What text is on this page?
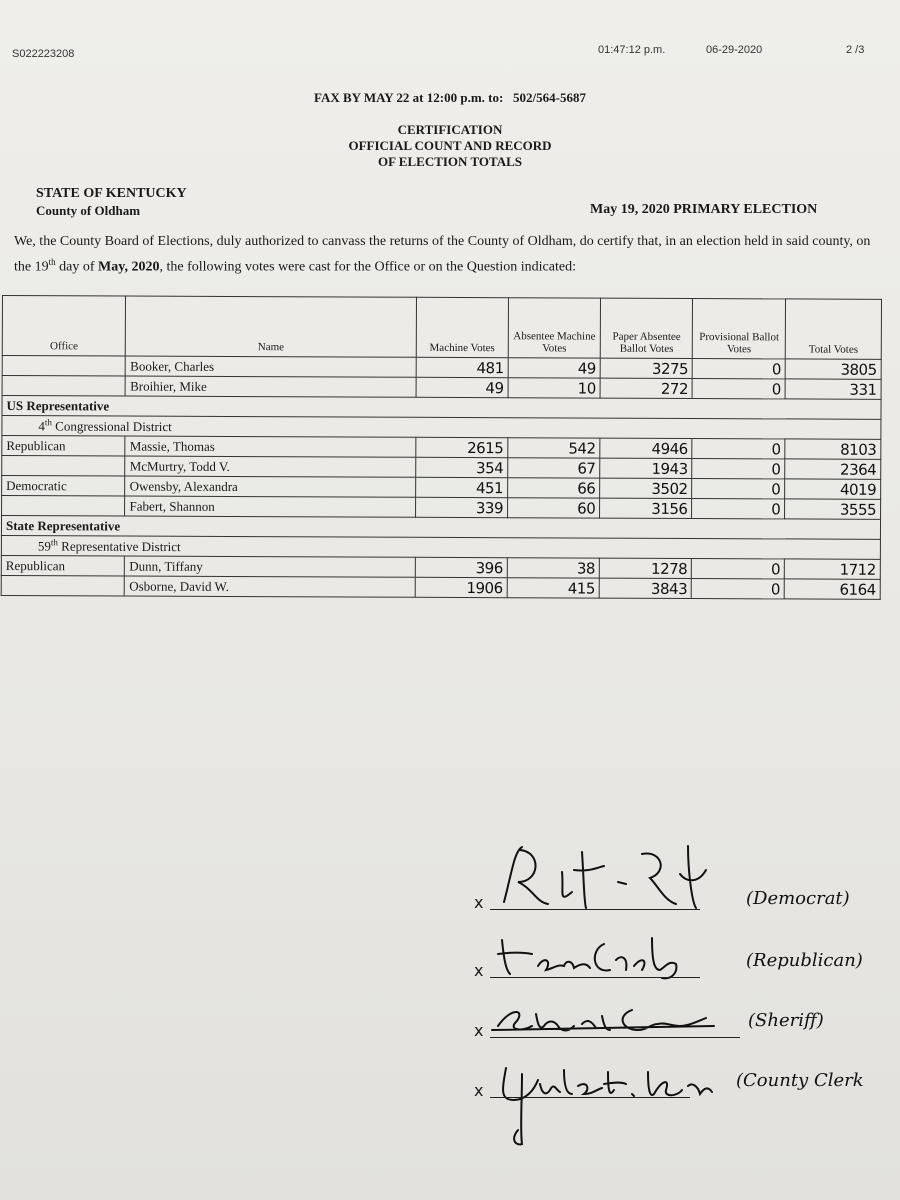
S022223208	01:47:12 p.m.	06-29-2020	2 /3
FAX BY MAY 22 at 12:00 p.m. to:   502/564-5687
CERTIFICATION
OFFICIAL COUNT AND RECORD
OF ELECTION TOTALS
STATE OF KENTUCKY
County of Oldham	May 19, 2020 PRIMARY ELECTION
We, the County Board of Elections, duly authorized to canvass the returns of the County of Oldham, do certify that, in an election held in said county, on the 19th day of May, 2020, the following votes were cast for the Office or on the Question indicated:
Office	Name	Machine Votes	Absentee Machine Votes	Paper Absentee Ballot Votes	Provisional Ballot Votes	Total Votes
	Booker, Charles	481	49	3275	0	3805
	Broihier, Mike	49	10	272	0	331
US Representative						
4th Congressional District						
Republican	Massie, Thomas	2615	542	4946	0	8103
	McMurtry, Todd V.	354	67	1943	0	2364
Democratic	Owensby, Alexandra	451	66	3502	0	4019
	Fabert, Shannon	339	60	3156	0	3555
State Representative						
59th Representative District						
Republican	Dunn, Tiffany	396	38	1278	0	1712
	Osborne, David W.	1906	415	3843	0	6164
x	(Democrat)
x	(Republican)
x	(Sheriff)
x	(County Clerk
